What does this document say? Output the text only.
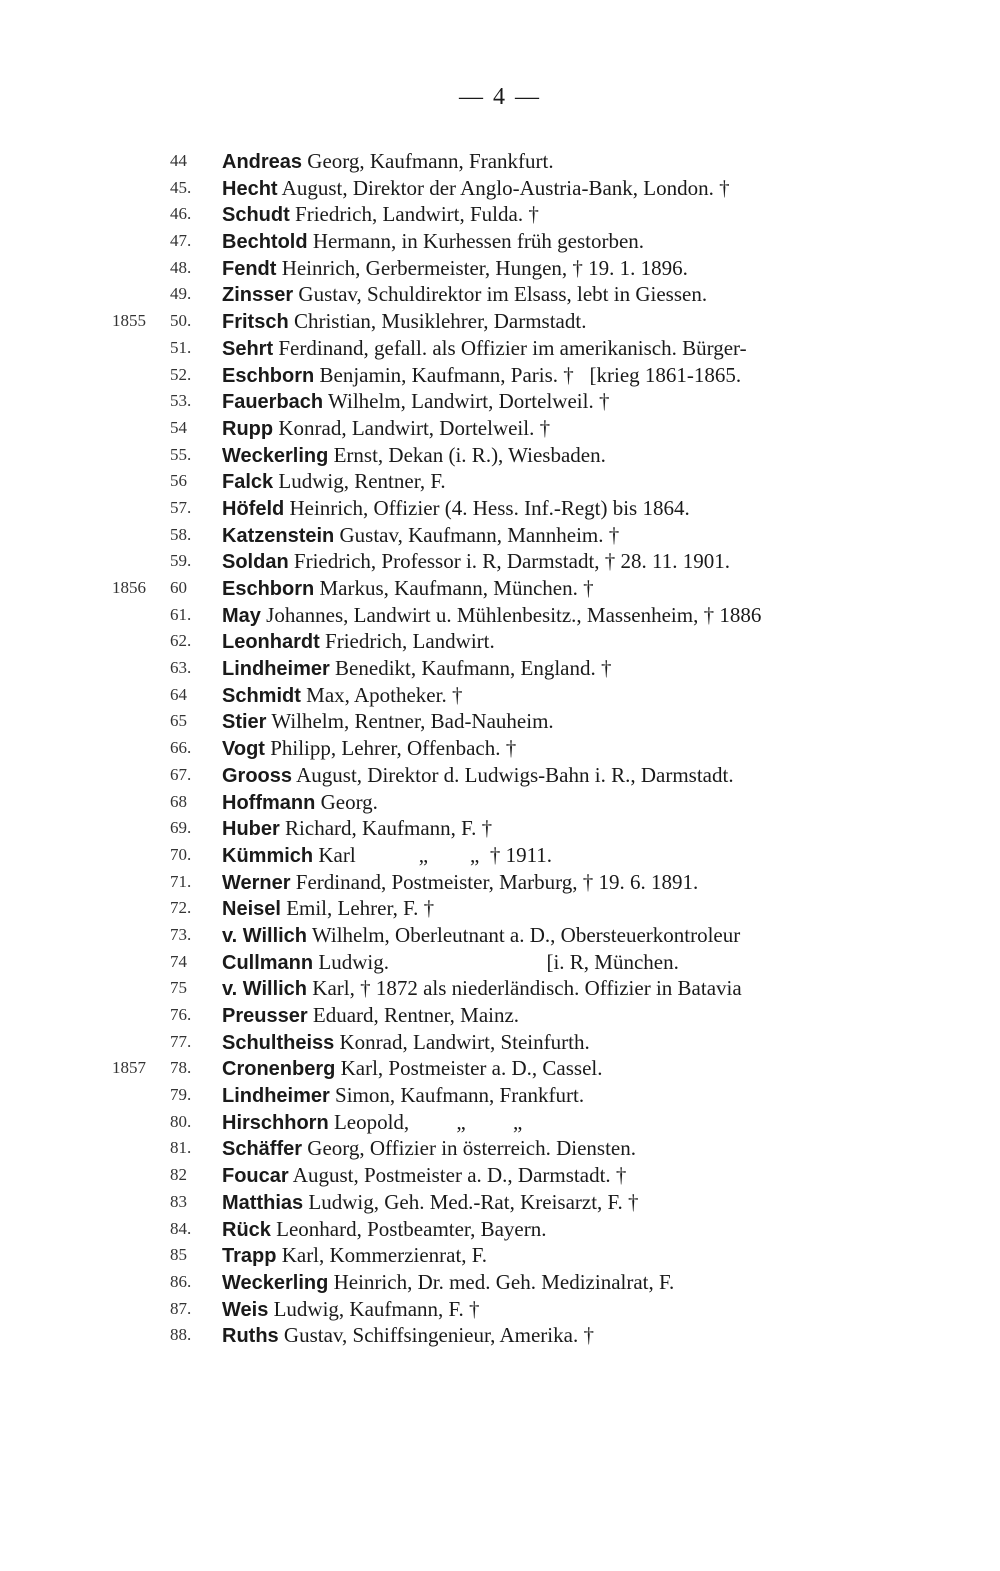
— 4 —
44	Andreas Georg, Kaufmann, Frankfurt.
45.	Hecht August, Direktor der Anglo-Austria-Bank, London. †
46.	Schudt Friedrich, Landwirt, Fulda. †
47.	Bechtold Hermann, in Kurhessen früh gestorben.
48.	Fendt Heinrich, Gerbermeister, Hungen, † 19. 1. 1896.
49.	Zinsser Gustav, Schuldirektor im Elsass, lebt in Giessen.
1855	50.	Fritsch Christian, Musiklehrer, Darmstadt.
51.	Sehrt Ferdinand, gefall. als Offizier im amerikanisch. Bürger-
52.	Eschborn Benjamin, Kaufmann, Paris. †   [krieg 1861-1865.
53.	Fauerbach Wilhelm, Landwirt, Dortelweil. †
54	Rupp Konrad, Landwirt, Dortelweil. †
55.	Weckerling Ernst, Dekan (i. R.), Wiesbaden.
56	Falck Ludwig, Rentner, F.
57.	Höfeld Heinrich, Offizier (4. Hess. Inf.-Regt) bis 1864.
58.	Katzenstein Gustav, Kaufmann, Mannheim. †
59.	Soldan Friedrich, Professor i. R, Darmstadt, † 28. 11. 1901.
1856	60	Eschborn Markus, Kaufmann, München. †
61.	May Johannes, Landwirt u. Mühlenbesitz., Massenheim, † 1886
62.	Leonhardt Friedrich, Landwirt.
63.	Lindheimer Benedikt, Kaufmann, England. †
64	Schmidt Max, Apotheker. †
65	Stier Wilhelm, Rentner, Bad-Nauheim.
66.	Vogt Philipp, Lehrer, Offenbach. †
67.	Grooss August, Direktor d. Ludwigs-Bahn i. R., Darmstadt.
68	Hoffmann Georg.
69.	Huber Richard, Kaufmann, F. †
70.	Kümmich Karl            „        „  † 1911.
71.	Werner Ferdinand, Postmeister, Marburg, † 19. 6. 1891.
72.	Neisel Emil, Lehrer, F. †
73.	v. Willich Wilhelm, Oberleutnant a. D., Obersteuerkontroleur
74	Cullmann Ludwig.                              [i. R, München.
75	v. Willich Karl, † 1872 als niederländisch. Offizier in Batavia
76.	Preusser Eduard, Rentner, Mainz.
77.	Schultheiss Konrad, Landwirt, Steinfurth.
1857	78.	Cronenberg Karl, Postmeister a. D., Cassel.
79.	Lindheimer Simon, Kaufmann, Frankfurt.
80.	Hirschhorn Leopold,         „         „
81.	Schäffer Georg, Offizier in österreich. Diensten.
82	Foucar August, Postmeister a. D., Darmstadt. †
83	Matthias Ludwig, Geh. Med.-Rat, Kreisarzt, F. †
84.	Rück Leonhard, Postbeamter, Bayern.
85	Trapp Karl, Kommerzienrat, F.
86.	Weckerling Heinrich, Dr. med. Geh. Medizinalrat, F.
87.	Weis Ludwig, Kaufmann, F. †
88.	Ruths Gustav, Schiffsingenieur, Amerika. †
